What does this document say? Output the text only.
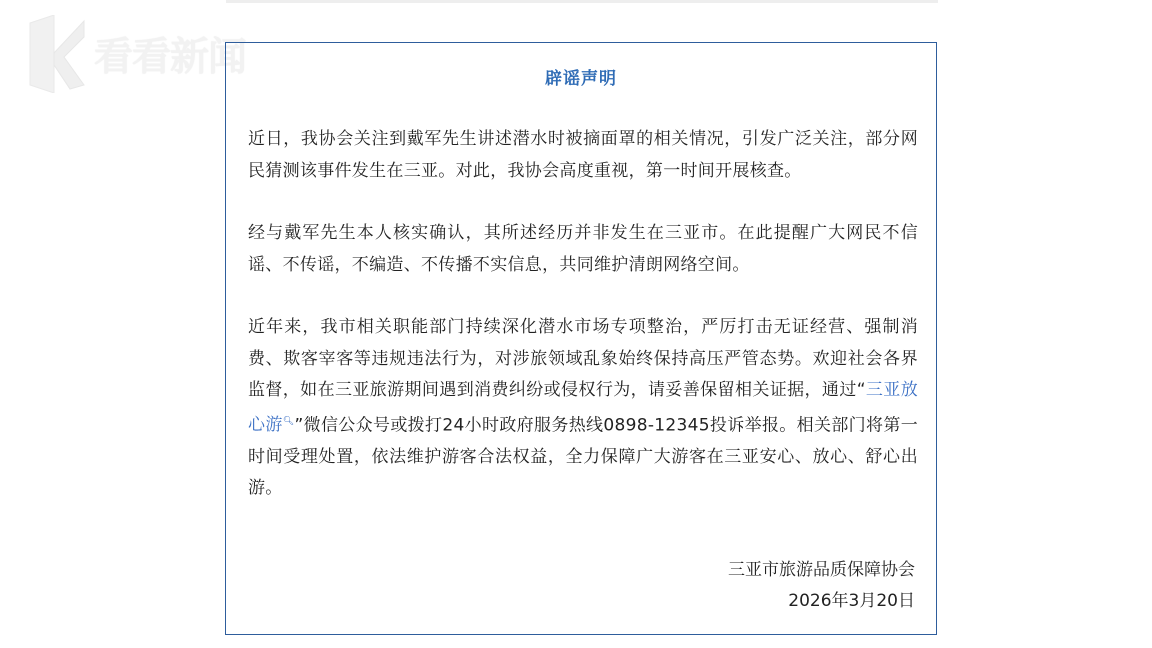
看看新闻	辟谣声明

近日，我协会关注到戴军先生讲述潜水时被摘面罩的相关情况，引发广泛关注，部分网民猜测该事件发生在三亚。对此，我协会高度重视，第一时间开展核查。

经与戴军先生本人核实确认，其所述经历并非发生在三亚市。在此提醒广大网民不信谣、不传谣，不编造、不传播不实信息，共同维护清朗网络空间。

近年来，我市相关职能部门持续深化潜水市场专项整治，严厉打击无证经营、强制消费、欺客宰客等违规违法行为，对涉旅领域乱象始终保持高压严管态势。欢迎社会各界监督，如在三亚旅游期间遇到消费纠纷或侵权行为，请妥善保留相关证据，通过“三亚放心游🔍︎”微信公众号或拨打24小时政府服务热线0898-12345投诉举报。相关部门将第一时间受理处置，依法维护游客合法权益，全力保障广大游客在三亚安心、放心、舒心出游。

三亚市旅游品质保障协会
2026年3月20日
